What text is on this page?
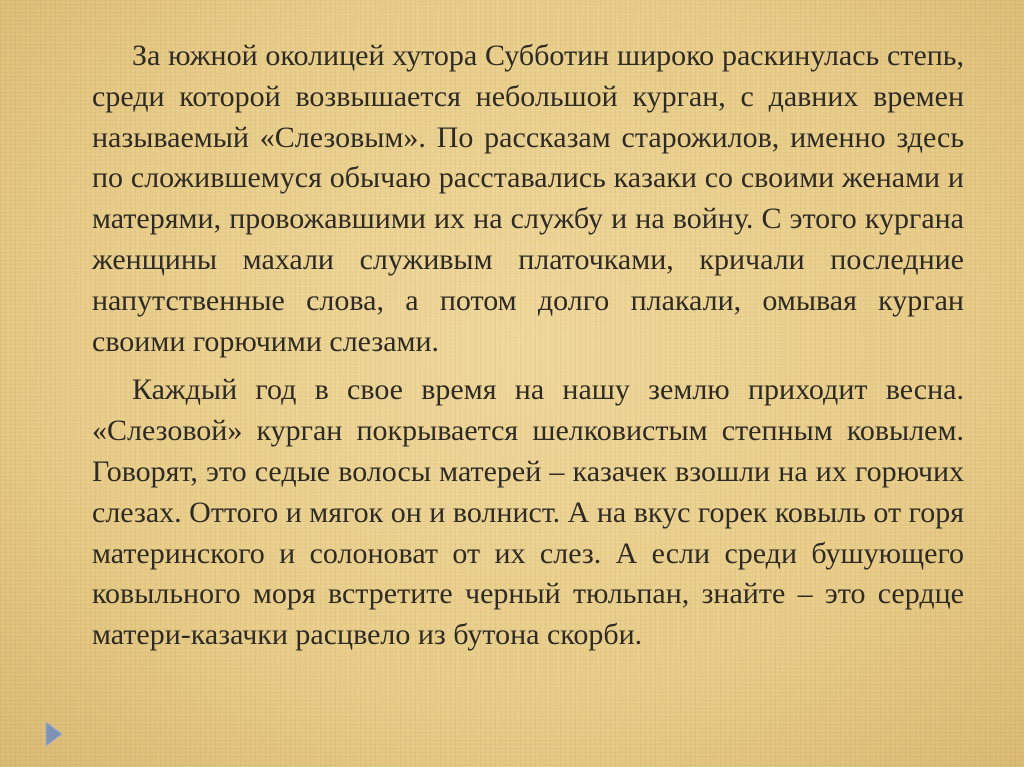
За южной околицей хутора Субботин широко раскинулась степь, среди которой возвышается небольшой курган, с давних времен называемый «Слезовым». По рассказам старожилов, именно здесь по сложившемуся обычаю расставались казаки со своими женами и матерями, провожавшими их на службу и на войну. С этого кургана женщины махали служивым платочками, кричали последние напутственные слова, а потом долго плакали, омывая курган своими горючими слезами.

Каждый год в свое время на нашу землю приходит весна. «Слезовой» курган покрывается шелковистым степным ковылем. Говорят, это седые волосы матерей – казачек взошли на их горючих слезах. Оттого и мягок он и волнист. А на вкус горек ковыль от горя материнского и солоноват от их слез. А если среди бушующего ковыльного моря встретите черный тюльпан, знайте – это сердце матери-казачки расцвело из бутона скорби.
